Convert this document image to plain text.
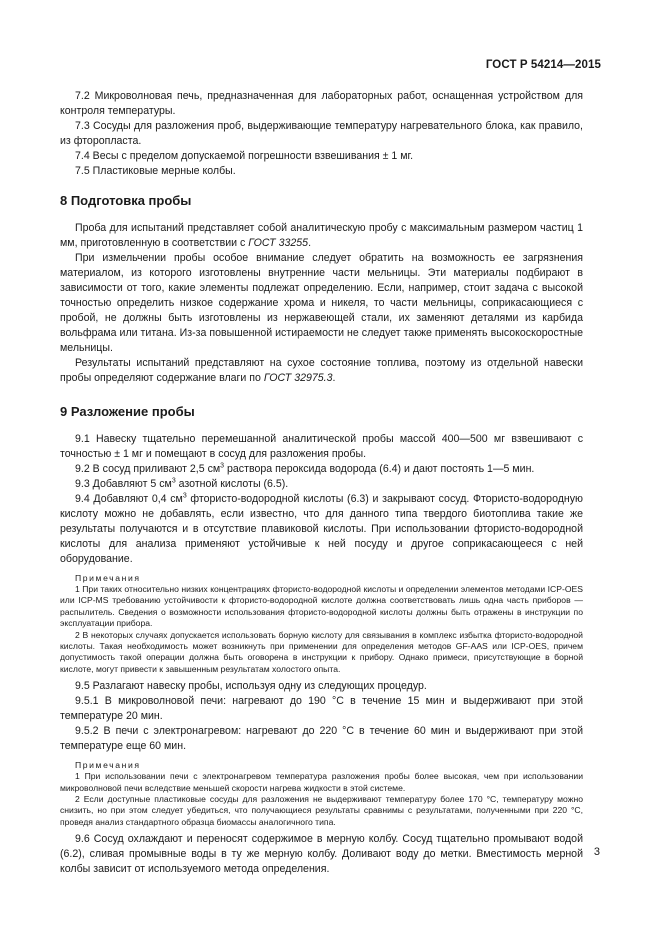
ГОСТ Р 54214—2015

7.2 Микроволновая печь, предназначенная для лабораторных работ, оснащенная устройством для контроля температуры.

7.3 Сосуды для разложения проб, выдерживающие температуру нагревательного блока, как правило, из фторопласта.

7.4 Весы с пределом допускаемой погрешности взвешивания ± 1 мг.

7.5 Пластиковые мерные колбы.

8 Подготовка пробы

Проба для испытаний представляет собой аналитическую пробу с максимальным размером частиц 1 мм, приготовленную в соответствии с ГОСТ 33255.

При измельчении пробы особое внимание следует обратить на возможность ее загрязнения материалом, из которого изготовлены внутренние части мельницы. Эти материалы подбирают в зависимости от того, какие элементы подлежат определению. Если, например, стоит задача с высокой точностью определить низкое содержание хрома и никеля, то части мельницы, соприкасающиеся с пробой, не должны быть изготовлены из нержавеющей стали, их заменяют деталями из карбида вольфрама или титана. Из-за повышенной истираемости не следует также применять высокоскоростные мельницы.

Результаты испытаний представляют на сухое состояние топлива, поэтому из отдельной навески пробы определяют содержание влаги по ГОСТ 32975.3.

9 Разложение пробы

9.1 Навеску тщательно перемешанной аналитической пробы массой 400—500 мг взвешивают с точностью ± 1 мг и помещают в сосуд для разложения пробы.

9.2 В сосуд приливают 2,5 $см^3$ раствора пероксида водорода (6.4) и дают постоять 1—5 мин.

9.3 Добавляют 5 $см^3$ азотной кислоты (6.5).

9.4 Добавляют 0,4 $см^3$ фтористо-водородной кислоты (6.3) и закрывают сосуд. Фтористо-водородную кислоту можно не добавлять, если известно, что для данного типа твердого биотоплива такие же результаты получаются и в отсутствие плавиковой кислоты. При использовании фтористо-водородной кислоты для анализа применяют устойчивые к ней посуду и другое соприкасающееся с ней оборудование.

Примечания

1 При таких относительно низких концентрациях фтористо-водородной кислоты и определении элементов методами ICP-OES или ICP-MS требованию устойчивости к фтористо-водородной кислоте должна соответствовать лишь одна часть приборов — распылитель. Сведения о возможности использования фтористо-водородной кислоты должны быть отражены в инструкции по эксплуатации прибора.

2 В некоторых случаях допускается использовать борную кислоту для связывания в комплекс избытка фтористо-водородной кислоты. Такая необходимость может возникнуть при применении для определения методов GF-AAS или ICP-OES, причем допустимость такой операции должна быть оговорена в инструкции к прибору. Однако примеси, присутствующие в борной кислоте, могут привести к завышенным результатам холостого опыта.

9.5 Разлагают навеску пробы, используя одну из следующих процедур.

9.5.1 В микроволновой печи: нагревают до 190 °С в течение 15 мин и выдерживают при этой температуре 20 мин.

9.5.2 В печи с электронагревом: нагревают до 220 °С в течение 60 мин и выдерживают при этой температуре еще 60 мин.

Примечания

1 При использовании печи с электронагревом температура разложения пробы более высокая, чем при использовании микроволновой печи вследствие меньшей скорости нагрева жидкости в этой системе.

2 Если доступные пластиковые сосуды для разложения не выдерживают температуру более 170 °С, температуру можно снизить, но при этом следует убедиться, что получающиеся результаты сравнимы с результатами, полученными при 220 °С, проведя анализ стандартного образца биомассы аналогичного типа.

9.6 Сосуд охлаждают и переносят содержимое в мерную колбу. Сосуд тщательно промывают водой (6.2), сливая промывные воды в ту же мерную колбу. Доливают воду до метки. Вместимость мерной колбы зависит от используемого метода определения.

3
